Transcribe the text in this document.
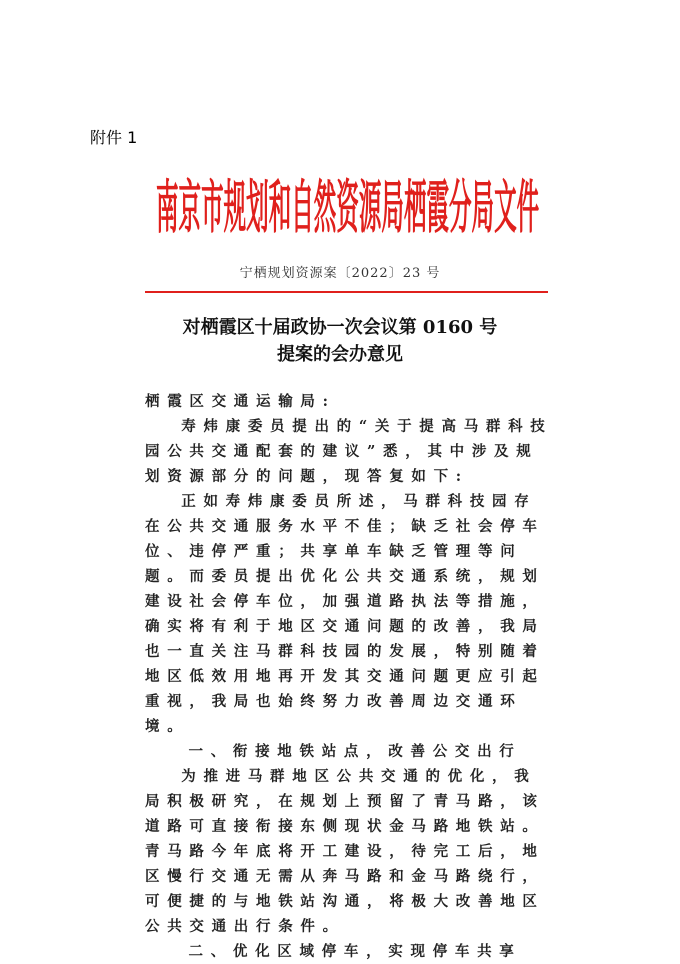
附件 1
南京市规划和自然资源局栖霞分局文件
宁栖规划资源案〔2022〕23 号
对栖霞区十届政协一次会议第 0160 号
提案的会办意见

栖霞区交通运输局:

寿炜康委员提出的“关于提高马群科技园公共交通配套的建议”悉，其中涉及规划资源部分的问题，现答复如下:

正如寿炜康委员所述，马群科技园存在公共交通服务水平不佳；缺乏社会停车位、违停严重；共享单车缺乏管理等问题。而委员提出优化公共交通系统，规划建设社会停车位，加强道路执法等措施，确实将有利于地区交通问题的改善，我局也一直关注马群科技园的发展，特别随着地区低效用地再开发其交通问题更应引起重视，我局也始终努力改善周边交通环境。

一、衔接地铁站点，改善公交出行

为推进马群地区公共交通的优化，我局积极研究，在规划上预留了青马路，该道路可直接衔接东侧现状金马路地铁站。青马路今年底将开工建设，待完工后，地区慢行交通无需从奔马路和金马路绕行，可便捷的与地铁站沟通，将极大改善地区公共交通出行条件。

二、优化区域停车，实现停车共享
